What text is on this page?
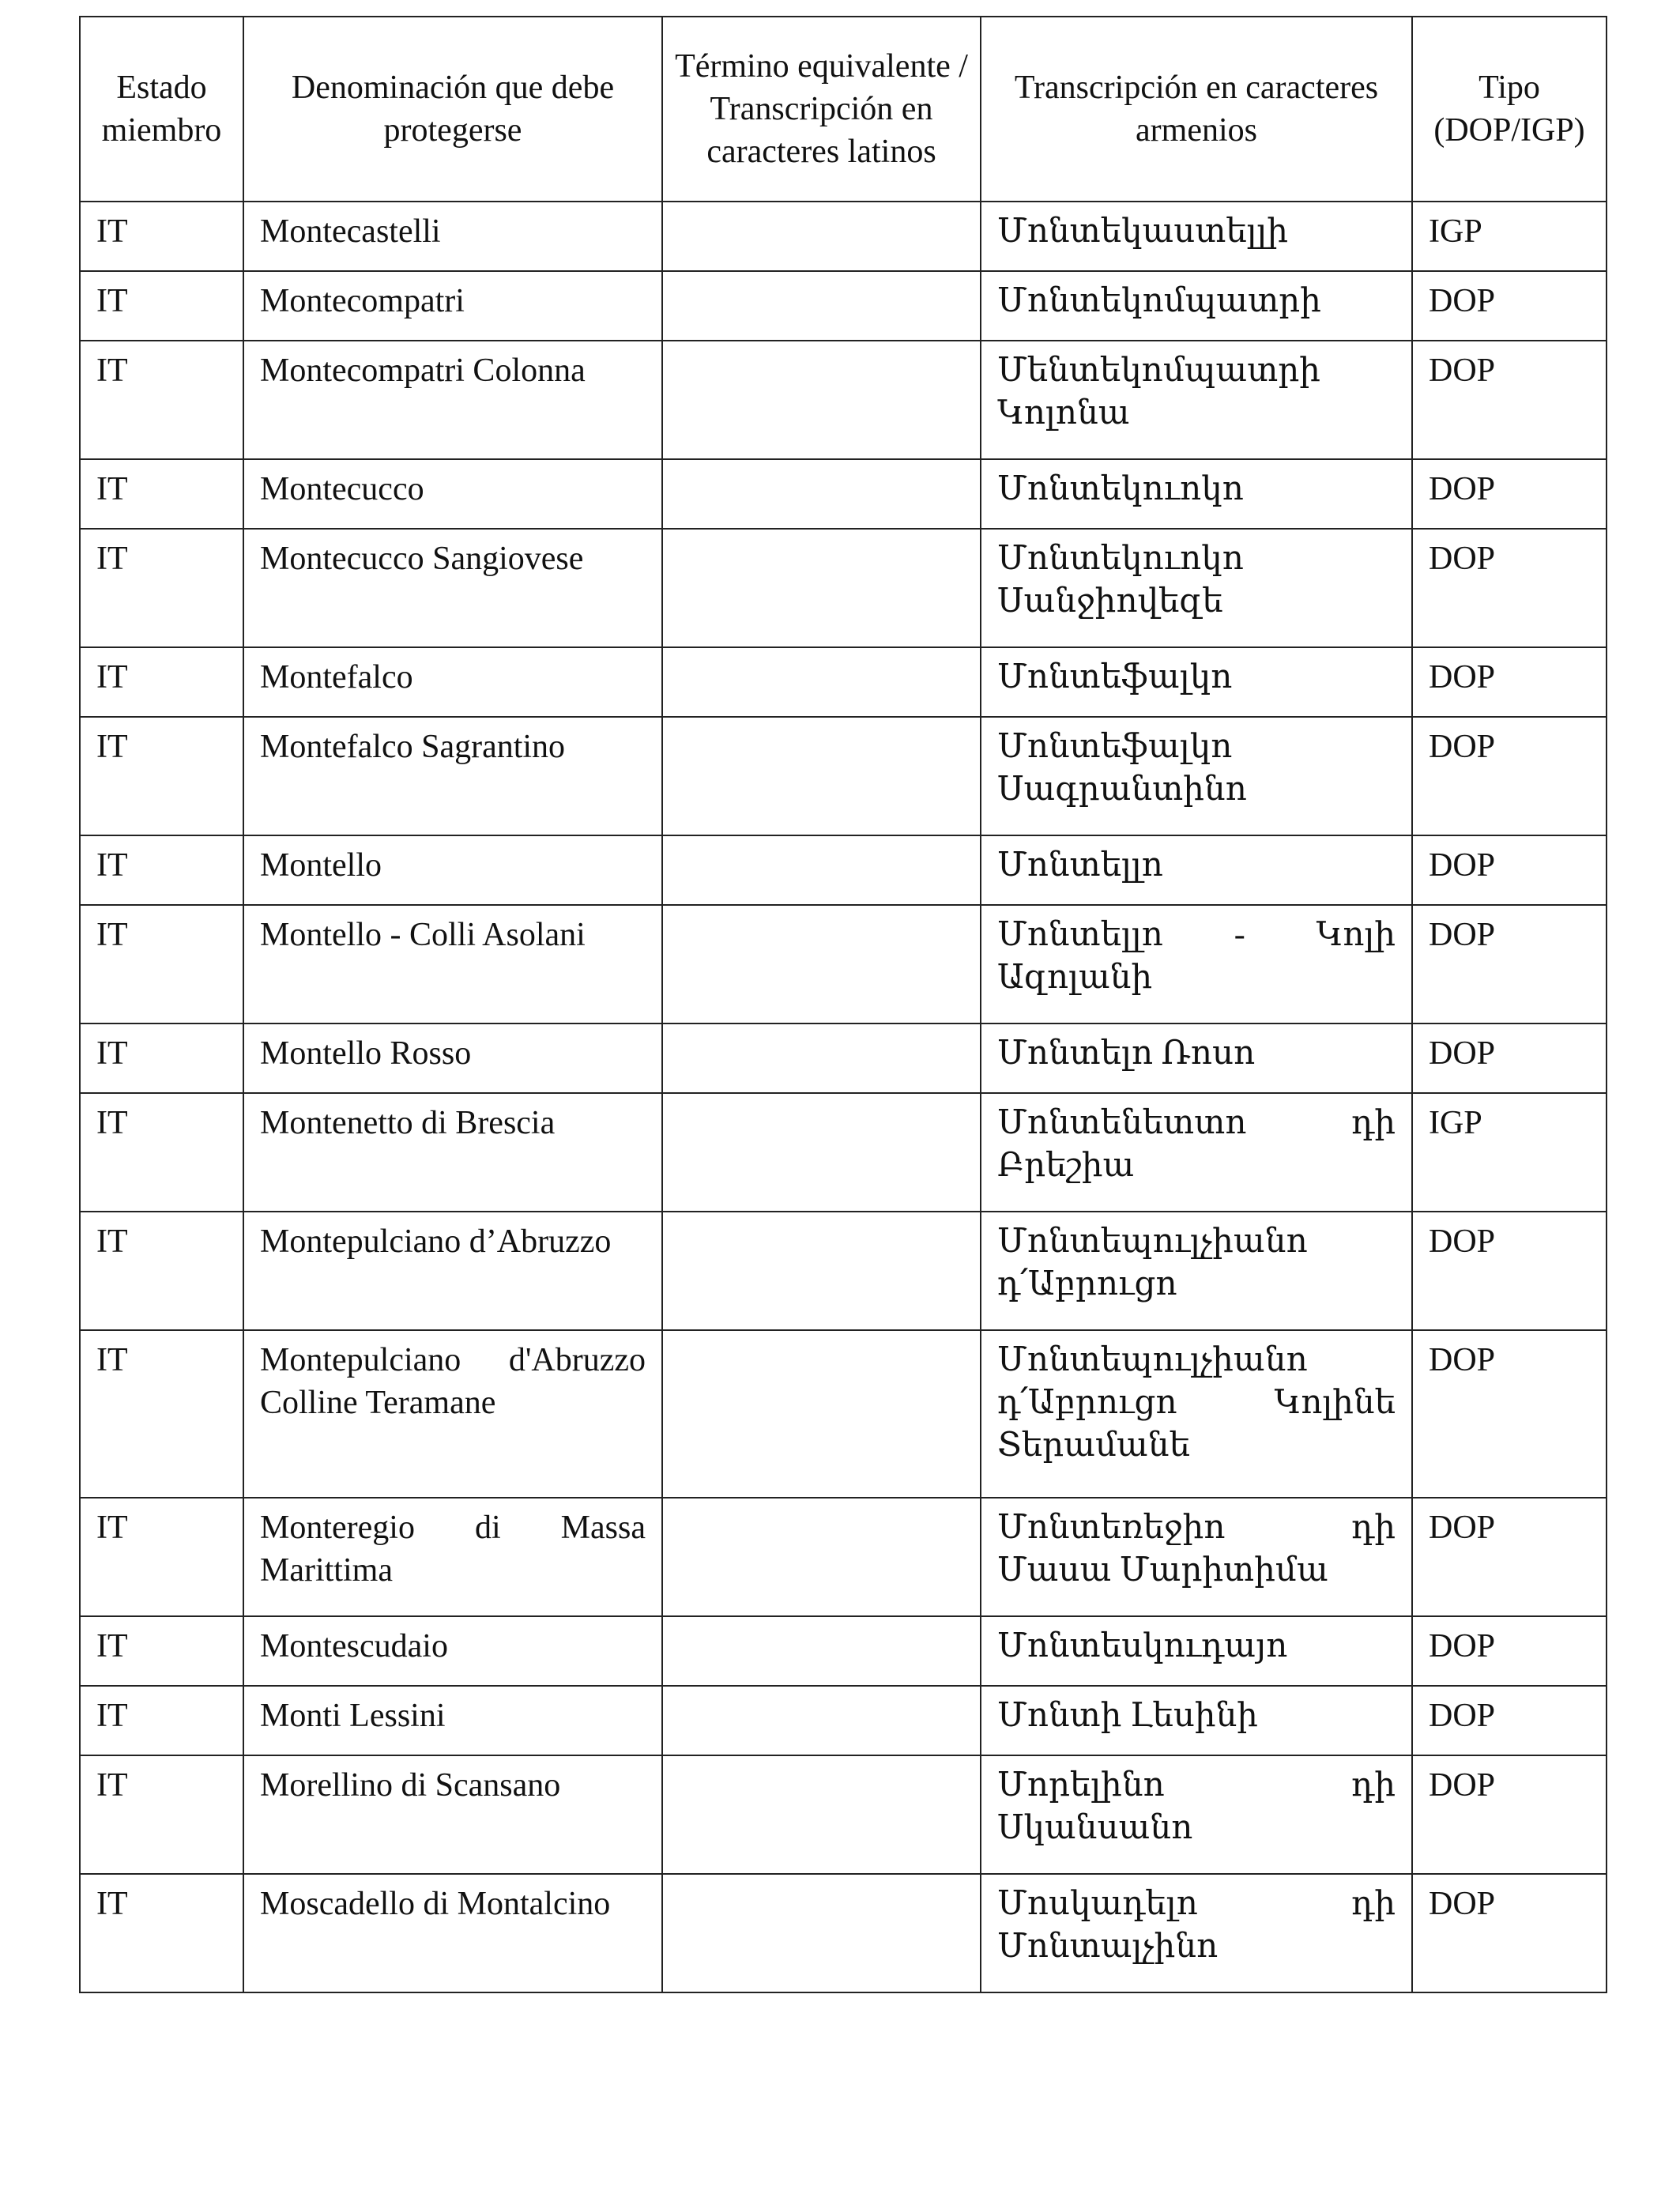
Estado miembro	Denominación que debe protegerse	Término equivalente / Transcripción en caracteres latinos	Transcripción en caracteres armenios	Tipo (DOP/IGP)
IT	Montecastelli		Մոնտեկաստելլի	IGP
IT	Montecompatri		Մոնտեկոմպատրի	DOP
IT	Montecompatri Colonna		Մենտեկոմպատրի Կոլոնա	DOP
IT	Montecucco		Մոնտեկուոկո	DOP
IT	Montecucco Sangiovese		Մոնտեկուոկո Սանջիովեզե	DOP
IT	Montefalco		Մոնտեֆալկո	DOP
IT	Montefalco Sagrantino		Մոնտեֆալկո Սագրանտինո	DOP
IT	Montello		Մոնտելլո	DOP
IT	Montello - Colli Asolani		Մոնտելլո - Կոլի Ազոլանի	DOP
IT	Montello Rosso		Մոնտելո Ռոսո	DOP
IT	Montenetto di Brescia		Մոնտենետտո դի Բրեշիա	IGP
IT	Montepulciano d’Abruzzo		Մոնտեպուլչիանո դ՛Աբրուցո	DOP
IT	Montepulciano d'Abruzzo Colline Teramane		Մոնտեպուլչիանո դ՛Աբրուցո Կոլինե Տերամանե	DOP
IT	Monteregio di Massa Marittima		Մոնտեռեջիո դի Մասա Մարիտիմա	DOP
IT	Montescudaio		Մոնտեսկուդայո	DOP
IT	Monti Lessini		Մոնտի Լեսինի	DOP
IT	Morellino di Scansano		Մորելինո դի Սկանսանո	DOP
IT	Moscadello di Montalcino		Մոսկադելո դի Մոնտալչինո	DOP
